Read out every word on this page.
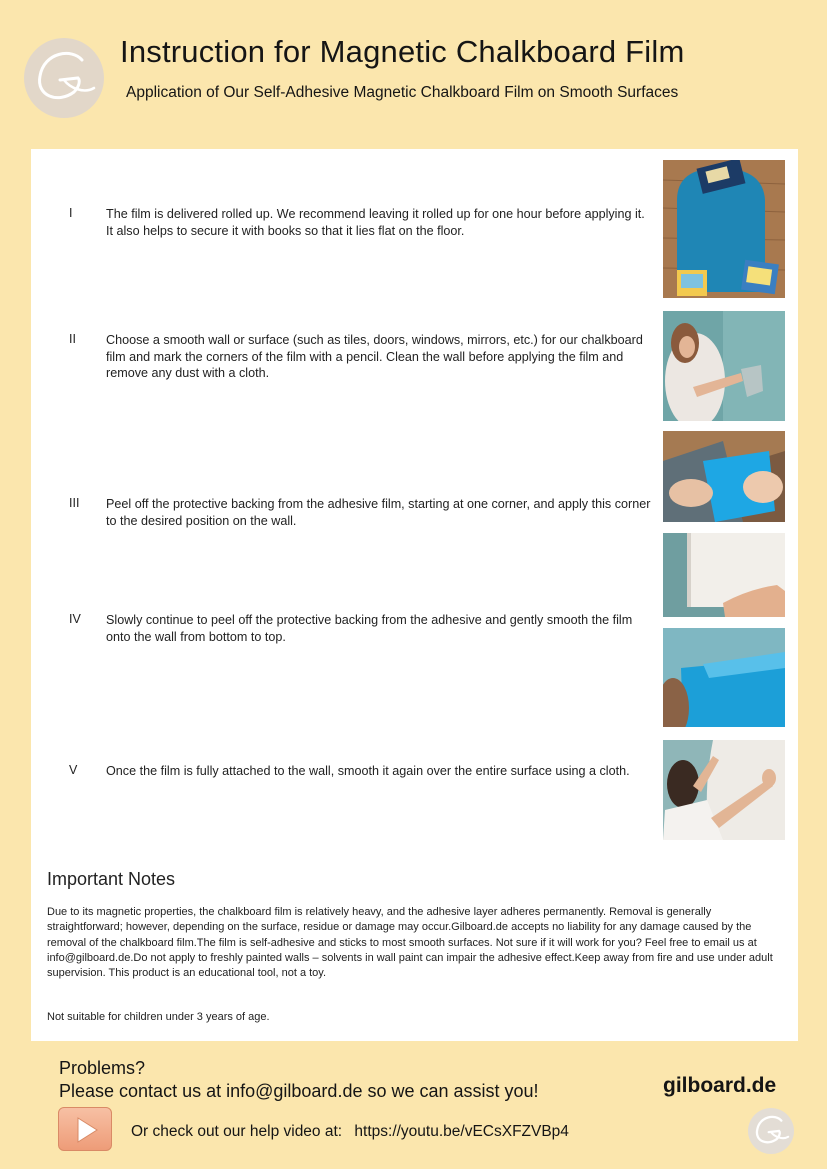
Instruction for Magnetic Chalkboard Film
Application of Our Self-Adhesive Magnetic Chalkboard Film on Smooth Surfaces
I	The film is delivered rolled up. We recommend leaving it rolled up for one hour before applying it. It also helps to secure it with books so that it lies flat on the floor.
II Choose a smooth wall or surface (such as tiles, doors, windows, mirrors, etc.) for our chalkboard film and mark the corners of the film with a pencil. Clean the wall before applying the film and remove any dust with a cloth.
III Peel off the protective backing from the adhesive film, starting at one corner, and apply this corner to the desired position on the wall.
IV Slowly continue to peel off the protective backing from the adhesive and gently smooth the film onto the wall from bottom to top.
V Once the film is fully attached to the wall, smooth it again over the entire surface using a cloth.
Important Notes
Due to its magnetic properties, the chalkboard film is relatively heavy, and the adhesive layer adheres permanently. Removal is generally straightforward; however, depending on the surface, residue or damage may occur.Gilboard.de accepts no liability for any damage caused by the removal of the chalkboard film.The film is self-adhesive and sticks to most smooth surfaces. Not sure if it will work for you? Feel free to email us at info@gilboard.de.Do not apply to freshly painted walls – solvents in wall paint can impair the adhesive effect.Keep away from fire and use under adult supervision. This product is an educational tool, not a toy.
Not suitable for children under 3 years of age.
Problems?
Please contact us at info@gilboard.de so we can assist you!	gilboard.de
Or check out our help video at: https://youtu.be/vECsXFZVBp4
